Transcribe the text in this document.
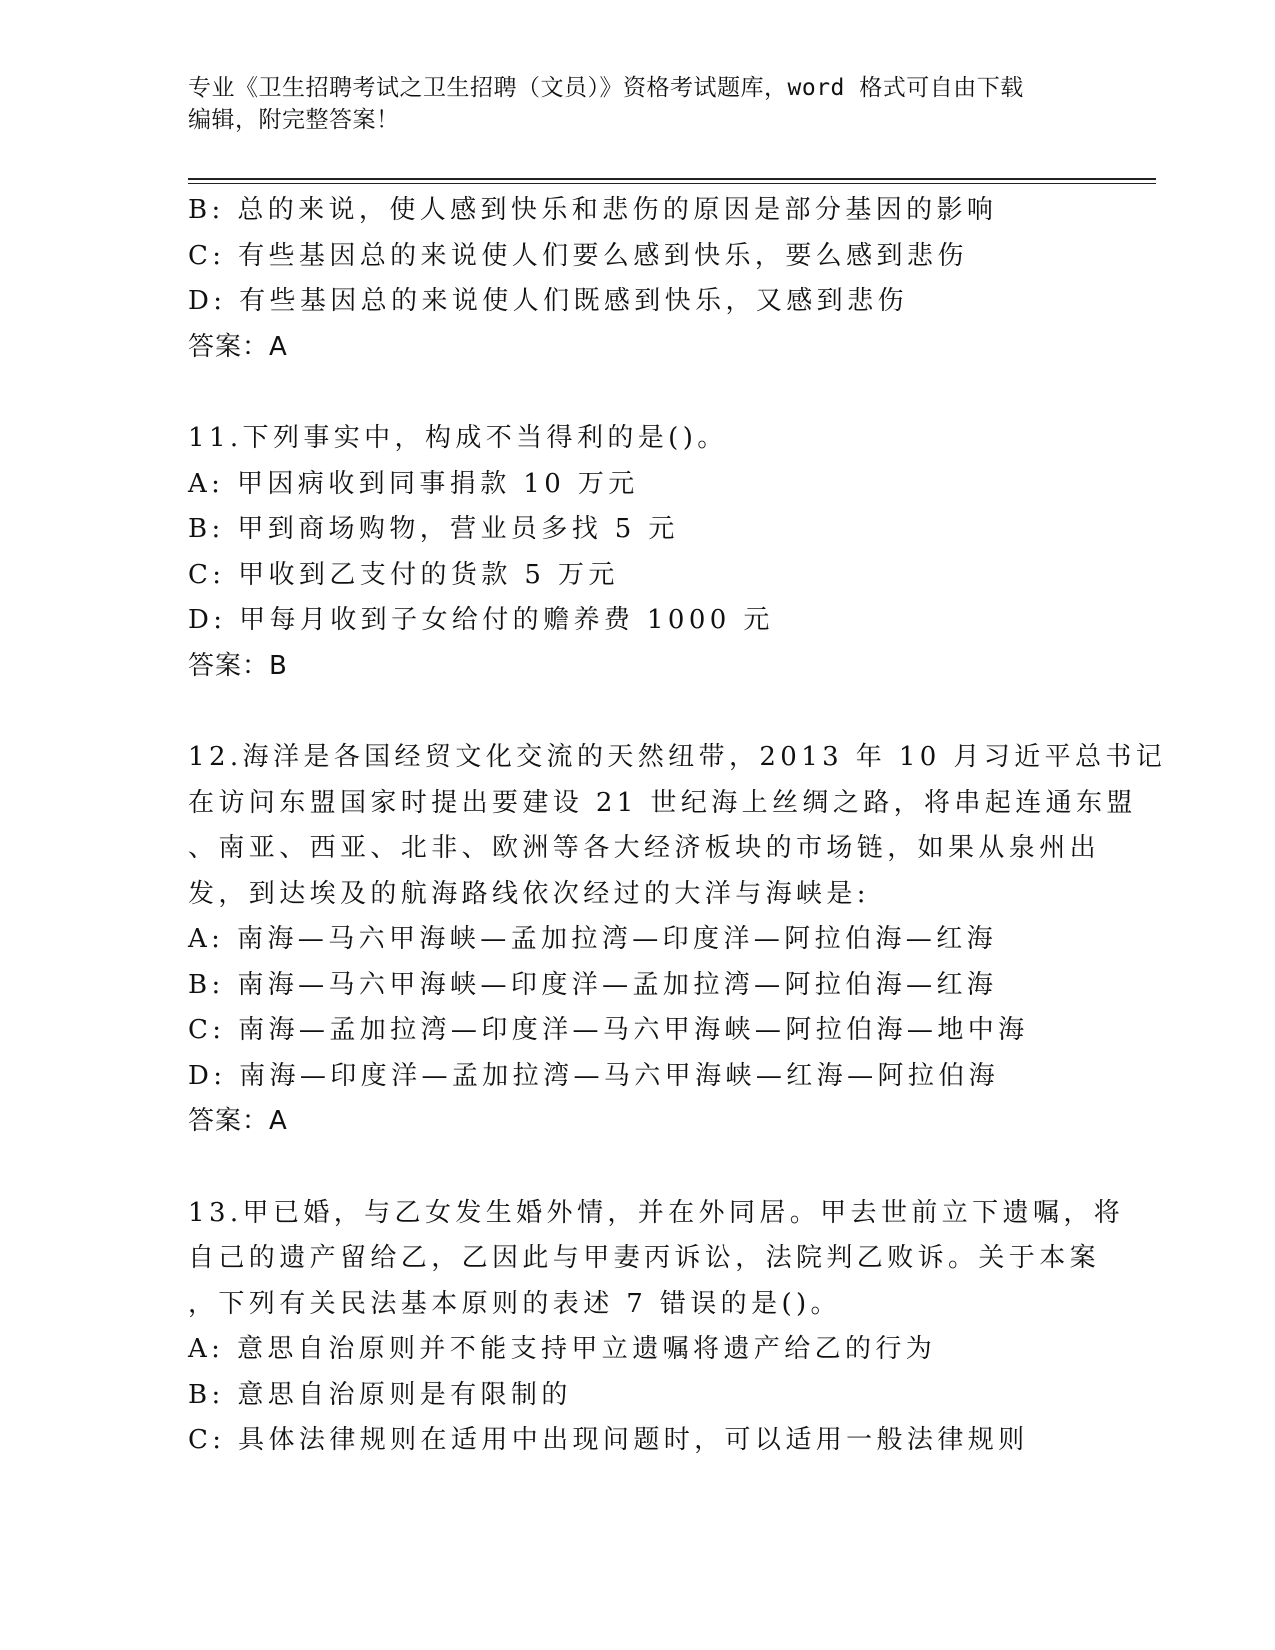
专业《卫生招聘考试之卫生招聘（文员）》资格考试题库，word 格式可自由下载
编辑，附完整答案！
B: 总的来说，使人感到快乐和悲伤的原因是部分基因的影响
C: 有些基因总的来说使人们要么感到快乐，要么感到悲伤
D: 有些基因总的来说使人们既感到快乐，又感到悲伤
答案：A
11.下列事实中，构成不当得利的是()。
A: 甲因病收到同事捐款 10 万元
B: 甲到商场购物，营业员多找 5 元
C: 甲收到乙支付的货款 5 万元
D: 甲每月收到子女给付的赡养费 1000 元
答案：B
12.海洋是各国经贸文化交流的天然纽带，2013 年 10 月习近平总书记
在访问东盟国家时提出要建设 21 世纪海上丝绸之路，将串起连通东盟
、南亚、西亚、北非、欧洲等各大经济板块的市场链，如果从泉州出
发，到达埃及的航海路线依次经过的大洋与海峡是:
A: 南海—马六甲海峡—孟加拉湾—印度洋—阿拉伯海—红海
B: 南海—马六甲海峡—印度洋—孟加拉湾—阿拉伯海—红海
C: 南海—孟加拉湾—印度洋—马六甲海峡—阿拉伯海—地中海
D: 南海—印度洋—孟加拉湾—马六甲海峡—红海—阿拉伯海
答案：A
13.甲已婚，与乙女发生婚外情，并在外同居。甲去世前立下遗嘱，将
自己的遗产留给乙，乙因此与甲妻丙诉讼，法院判乙败诉。关于本案
，下列有关民法基本原则的表述 7 错误的是()。
A: 意思自治原则并不能支持甲立遗嘱将遗产给乙的行为
B: 意思自治原则是有限制的
C: 具体法律规则在适用中出现问题时，可以适用一般法律规则
